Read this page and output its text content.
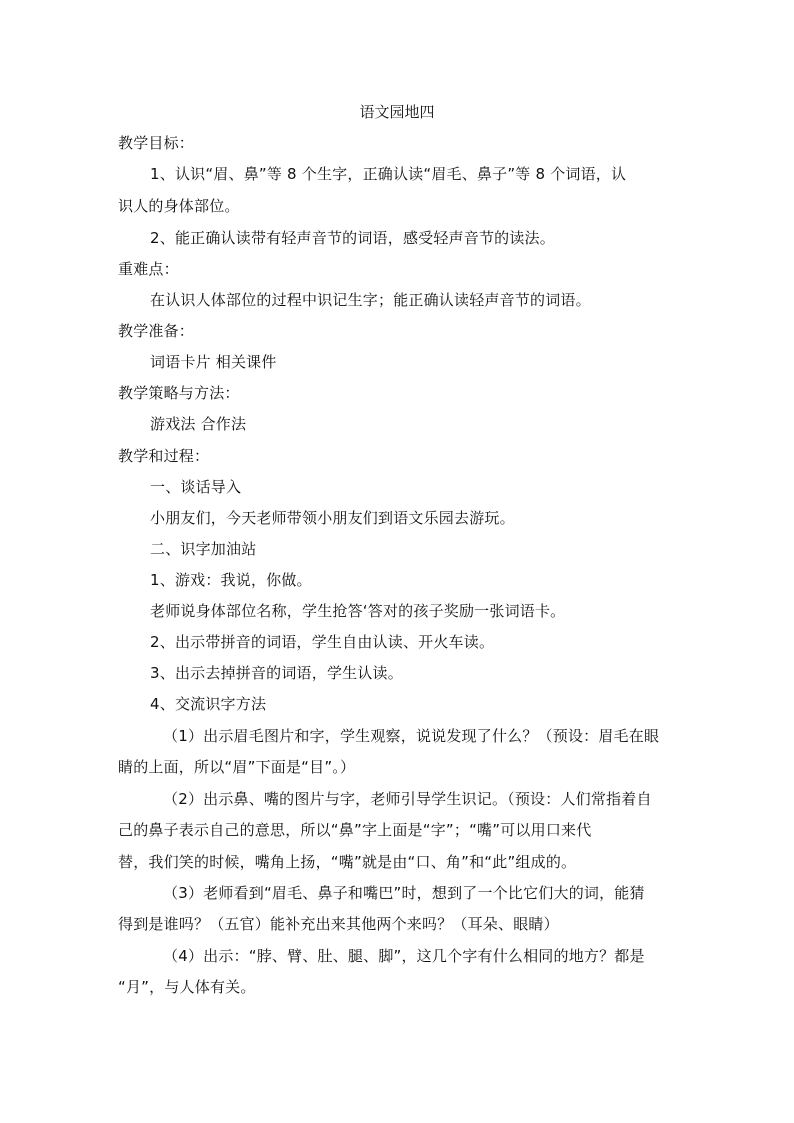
语文园地四
教学目标：
1、认识“眉、鼻”等 8 个生字，正确认读“眉毛、鼻子”等 8 个词语，认
识人的身体部位。
2、能正确认读带有轻声音节的词语，感受轻声音节的读法。
重难点：
在认识人体部位的过程中识记生字；能正确认读轻声音节的词语。
教学准备：
词语卡片 相关课件
教学策略与方法：
游戏法 合作法
教学和过程：
一、谈话导入
小朋友们，今天老师带领小朋友们到语文乐园去游玩。
二、识字加油站
1、游戏：我说，你做。
老师说身体部位名称，学生抢答‘答对的孩子奖励一张词语卡。
2、出示带拼音的词语，学生自由认读、开火车读。
3、出示去掉拼音的词语，学生认读。
4、交流识字方法
（1）出示眉毛图片和字，学生观察，说说发现了什么？（预设：眉毛在眼
睛的上面，所以“眉”下面是“目”。）
（2）出示鼻、嘴的图片与字，老师引导学生识记。（预设：人们常指着自
己的鼻子表示自己的意思，所以“鼻”字上面是“字”；“嘴”可以用口来代
替，我们笑的时候，嘴角上扬，“嘴”就是由“口、角”和“此”组成的。
（3）老师看到“眉毛、鼻子和嘴巴”时，想到了一个比它们大的词，能猜
得到是谁吗？（五官）能补充出来其他两个来吗？（耳朵、眼睛）
（4）出示：“脖、臂、肚、腿、脚”，这几个字有什么相同的地方？都是
“月”，与人体有关。
